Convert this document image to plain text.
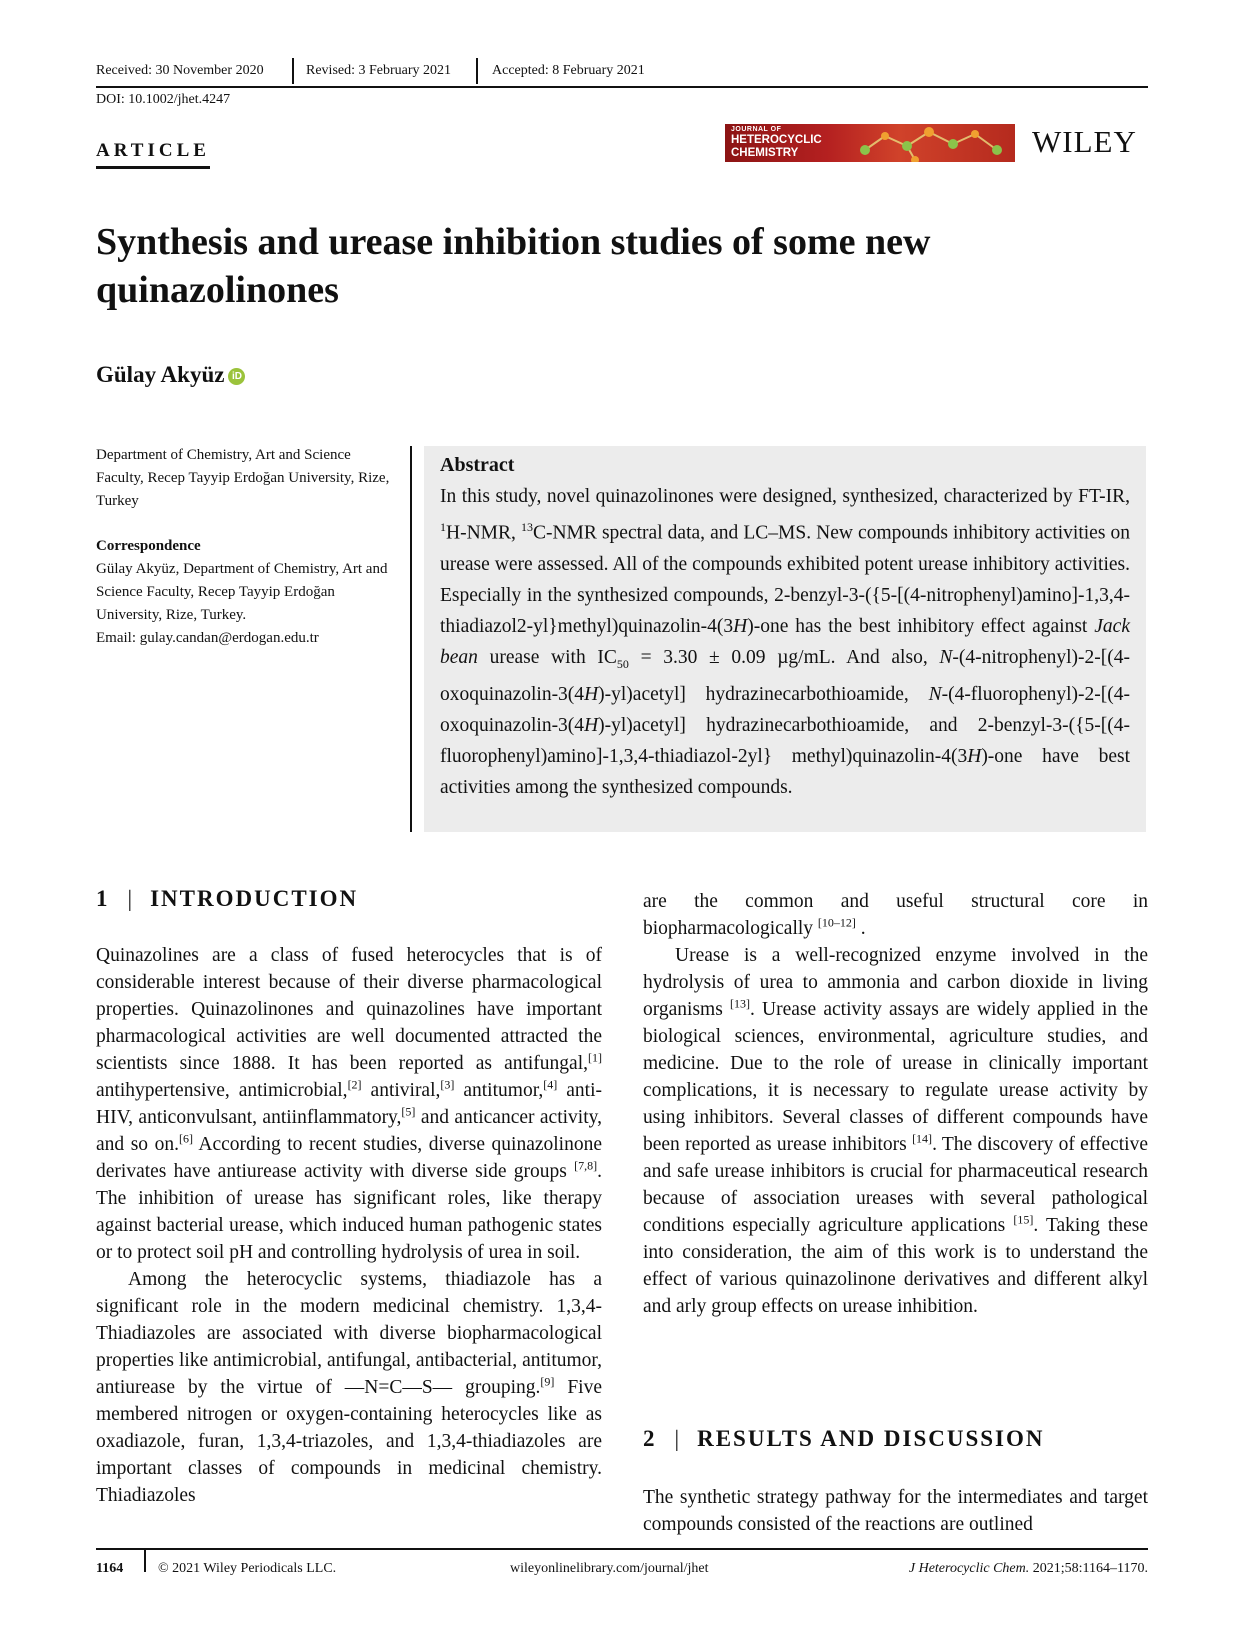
Received: 30 November 2020	Revised: 3 February 2021	Accepted: 8 February 2021
DOI: 10.1002/jhet.4247
ARTICLE
JOURNAL OF
HETEROCYCLIC
CHEMISTRY	WILEY
Synthesis and urease inhibition studies of some new quinazolinones
Gülay Akyüz iD
Department of Chemistry, Art and Science Faculty, Recep Tayyip Erdoğan University, Rize, Turkey
Correspondence
Gülay Akyüz, Department of Chemistry, Art and Science Faculty, Recep Tayyip Erdoğan University, Rize, Turkey.
Email: gulay.candan@erdogan.edu.tr
Abstract

In this study, novel quinazolinones were designed, synthesized, characterized by FT-IR, $^1$H-NMR, $^{13}$C-NMR spectral data, and LC–MS. New compounds inhibitory activities on urease were assessed. All of the compounds exhibited potent urease inhibitory activities. Especially in the synthesized compounds, 2-benzyl-3-({5-[(4-nitrophenyl)amino]-1,3,4-thiadiazol2-yl}methyl)quinazolin-4(3H)-one has the best inhibitory effect against Jack bean urease with $IC_{50} = 3.30 \pm 0.09$ µg/mL. And also, N-(4-nitrophenyl)-2-[(4-oxoquinazolin-3(4H)-yl)acetyl] hydrazinecarbothioamide, N-(4-fluorophenyl)-2-[(4-oxoquinazolin-3(4H)-yl)acetyl] hydrazinecarbothioamide, and 2-benzyl-3-({5-[(4-fluorophenyl)amino]-1,3,4-thiadiazol-2yl} methyl)quinazolin-4(3H)-one have best activities among the synthesized compounds.

1 | INTRODUCTION

Quinazolines are a class of fused heterocycles that is of considerable interest because of their diverse pharmacological properties. Quinazolinones and quinazolines have important pharmacological activities are well documented attracted the scientists since 1888. It has been reported as antifungal,[1] antihypertensive, antimicrobial,[2] antiviral,[3] antitumor,[4] anti-HIV, anticonvulsant, antiinflammatory,[5] and anticancer activity, and so on.[6] According to recent studies, diverse quinazolinone derivates have antiurease activity with diverse side groups [7,8]. The inhibition of urease has significant roles, like therapy against bacterial urease, which induced human pathogenic states or to protect soil pH and controlling hydrolysis of urea in soil.

Among the heterocyclic systems, thiadiazole has a significant role in the modern medicinal chemistry. 1,3,4-Thiadiazoles are associated with diverse biopharmacological properties like antimicrobial, antifungal, antibacterial, antitumor, antiurease by the virtue of —N=C—S— grouping.[9] Five membered nitrogen or oxygen-containing heterocycles like as oxadiazole, furan, 1,3,4-triazoles, and 1,3,4-thiadiazoles are important classes of compounds in medicinal chemistry. Thiadiazoles

are the common and useful structural core in biopharmacologically [10–12] .

Urease is a well-recognized enzyme involved in the hydrolysis of urea to ammonia and carbon dioxide in living organisms [13]. Urease activity assays are widely applied in the biological sciences, environmental, agriculture studies, and medicine. Due to the role of urease in clinically important complications, it is necessary to regulate urease activity by using inhibitors. Several classes of different compounds have been reported as urease inhibitors [14]. The discovery of effective and safe urease inhibitors is crucial for pharmaceutical research because of association ureases with several pathological conditions especially agriculture applications [15]. Taking these into consideration, the aim of this work is to understand the effect of various quinazolinone derivatives and different alkyl and arly group effects on urease inhibition.

2 | RESULTS AND DISCUSSION

The synthetic strategy pathway for the intermediates and target compounds consisted of the reactions are outlined

1164 © 2021 Wiley Periodicals LLC.	wileyonlinelibrary.com/journal/jhet	J Heterocyclic Chem. 2021;58:1164–1170.
